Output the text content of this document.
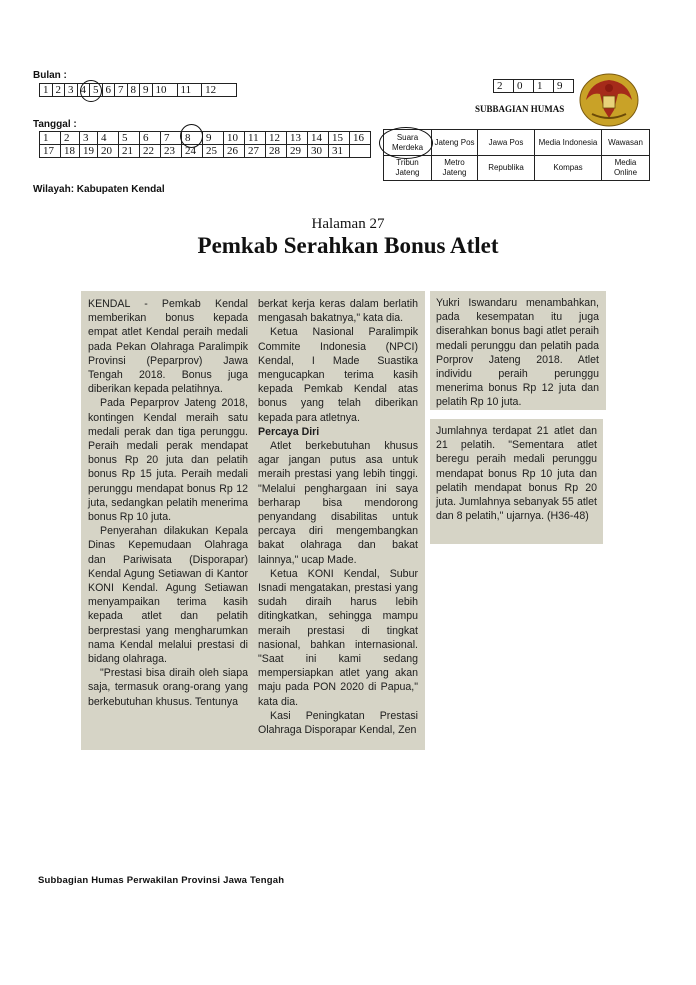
Bulan :
1	2	3	4	5	6	7	8	9	10	11	12
Tanggal :
1	2	3	4	5	6	7	8	9	10	11	12	13	14	15	16
17	18	19	20	21	22	23	24	25	26	27	28	29	30	31	
Wilayah: Kabupaten Kendal
2	0	1	9
SUBBAGIAN HUMAS
Suara Merdeka	Jateng Pos	Jawa Pos	Media Indonesia	Wawasan
Tribun Jateng	Metro Jateng	Republika	Kompas	Media Online
Halaman 27
Pemkab Serahkan Bonus Atlet

KENDAL - Pemkab Kendal memberikan bonus kepada empat atlet Kendal peraih medali pada Pekan Olahraga Paralimpik Provinsi (Peparprov) Jawa Tengah 2018. Bonus juga diberikan kepada pelatihnya.

Pada Peparprov Jateng 2018, kontingen Kendal meraih satu medali perak dan tiga perunggu. Peraih medali perak mendapat bonus Rp 20 juta dan pelatih bonus Rp 15 juta. Peraih medali perunggu mendapat bonus Rp 12 juta, sedangkan pelatih menerima bonus Rp 10 juta.

Penyerahan dilakukan Kepala Dinas Kepemudaan Olahraga dan Pariwisata (Disporapar) Kendal Agung Setiawan di Kantor KONI Kendal. Agung Setiawan menyampaikan terima kasih kepada atlet dan pelatih berprestasi yang mengharumkan nama Kendal melalui prestasi di bidang olahraga.

"Prestasi bisa diraih oleh siapa saja, termasuk orang-orang yang berkebutuhan khusus. Tentunya

berkat kerja keras dalam berlatih mengasah bakatnya," kata dia.

Ketua Nasional Paralimpik Commite Indonesia (NPCI) Kendal, I Made Suastika mengucapkan terima kasih kepada Pemkab Kendal atas bonus yang telah diberikan kepada para atletnya.

Percaya Diri

Atlet berkebutuhan khusus agar jangan putus asa untuk meraih prestasi yang lebih tinggi. "Melalui penghargaan ini saya berharap bisa mendorong penyandang disabilitas untuk percaya diri mengembangkan bakat olahraga dan bakat lainnya," ucap Made.

Ketua KONI Kendal, Subur Isnadi mengatakan, prestasi yang sudah diraih harus lebih ditingkatkan, sehingga mampu meraih prestasi di tingkat nasional, bahkan internasional. "Saat ini kami sedang mempersiapkan atlet yang akan maju pada PON 2020 di Papua," kata dia.

Kasi Peningkatan Prestasi Olahraga Disporapar Kendal, Zen

Yukri Iswandaru menambahkan, pada kesempatan itu juga diserahkan bonus bagi atlet peraih medali perunggu dan pelatih pada Porprov Jateng 2018. Atlet individu peraih perunggu menerima bonus Rp 12 juta dan pelatih Rp 10 juta.

Jumlahnya terdapat 21 atlet dan 21 pelatih. "Sementara atlet beregu peraih medali perunggu mendapat bonus Rp 10 juta dan pelatih mendapat bonus Rp 20 juta. Jumlahnya sebanyak 55 atlet dan 8 pelatih," ujarnya. (H36-48)

Subbagian Humas Perwakilan Provinsi Jawa Tengah
